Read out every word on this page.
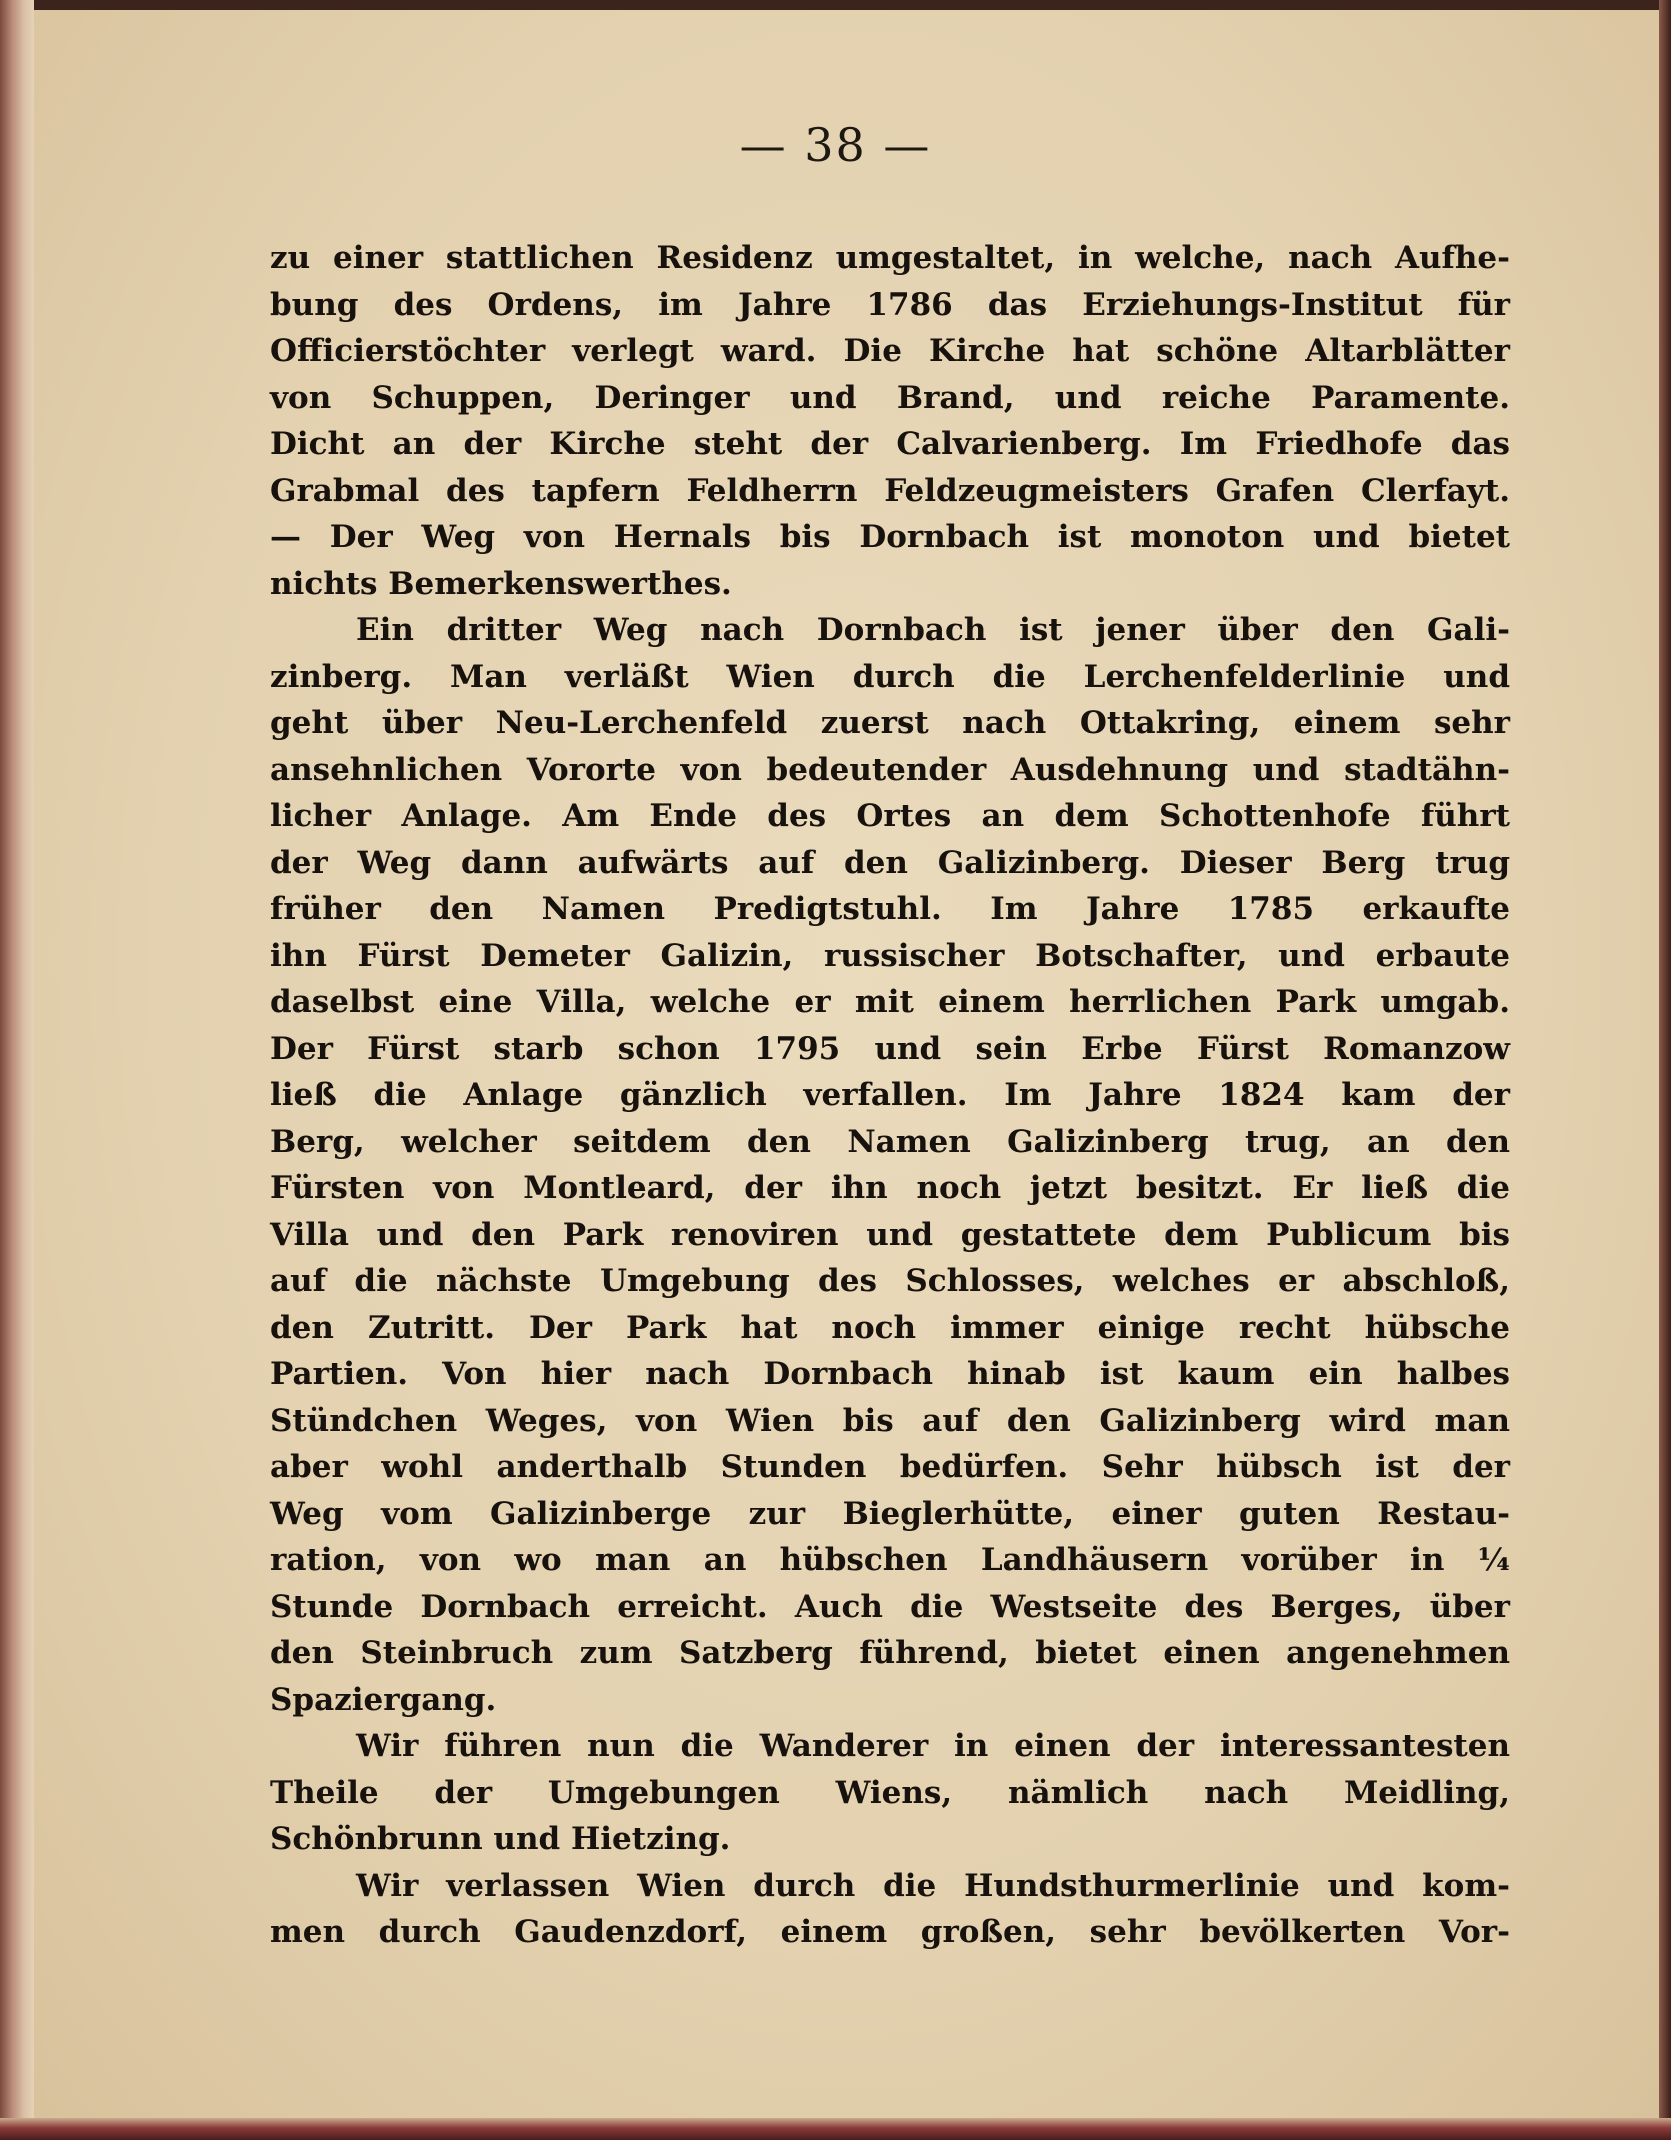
— 38 —
zu einer stattlichen Residenz umgestaltet, in welche, nach Aufhe-
bung des Ordens, im Jahre 1786 das Erziehungs-Institut für
Officierstöchter verlegt ward. Die Kirche hat schöne Altarblätter
von Schuppen, Deringer und Brand, und reiche Paramente.
Dicht an der Kirche steht der Calvarienberg. Im Friedhofe das
Grabmal des tapfern Feldherrn Feldzeugmeisters Grafen Clerfayt.
— Der Weg von Hernals bis Dornbach ist monoton und bietet
nichts Bemerkenswerthes.
Ein dritter Weg nach Dornbach ist jener über den Gali-
zinberg. Man verläßt Wien durch die Lerchenfelderlinie und
geht über Neu-Lerchenfeld zuerst nach Ottakring, einem sehr
ansehnlichen Vororte von bedeutender Ausdehnung und stadtähn-
licher Anlage. Am Ende des Ortes an dem Schottenhofe führt
der Weg dann aufwärts auf den Galizinberg. Dieser Berg trug
früher den Namen Predigtstuhl. Im Jahre 1785 erkaufte
ihn Fürst Demeter Galizin, russischer Botschafter, und erbaute
daselbst eine Villa, welche er mit einem herrlichen Park umgab.
Der Fürst starb schon 1795 und sein Erbe Fürst Romanzow
ließ die Anlage gänzlich verfallen. Im Jahre 1824 kam der
Berg, welcher seitdem den Namen Galizinberg trug, an den
Fürsten von Montleard, der ihn noch jetzt besitzt. Er ließ die
Villa und den Park renoviren und gestattete dem Publicum bis
auf die nächste Umgebung des Schlosses, welches er abschloß,
den Zutritt. Der Park hat noch immer einige recht hübsche
Partien. Von hier nach Dornbach hinab ist kaum ein halbes
Stündchen Weges, von Wien bis auf den Galizinberg wird man
aber wohl anderthalb Stunden bedürfen. Sehr hübsch ist der
Weg vom Galizinberge zur Bieglerhütte, einer guten Restau-
ration, von wo man an hübschen Landhäusern vorüber in ¼
Stunde Dornbach erreicht. Auch die Westseite des Berges, über
den Steinbruch zum Satzberg führend, bietet einen angenehmen
Spaziergang.
Wir führen nun die Wanderer in einen der interessantesten
Theile der Umgebungen Wiens, nämlich nach Meidling,
Schönbrunn und Hietzing.
Wir verlassen Wien durch die Hundsthurmerlinie und kom-
men durch Gaudenzdorf, einem großen, sehr bevölkerten Vor-
